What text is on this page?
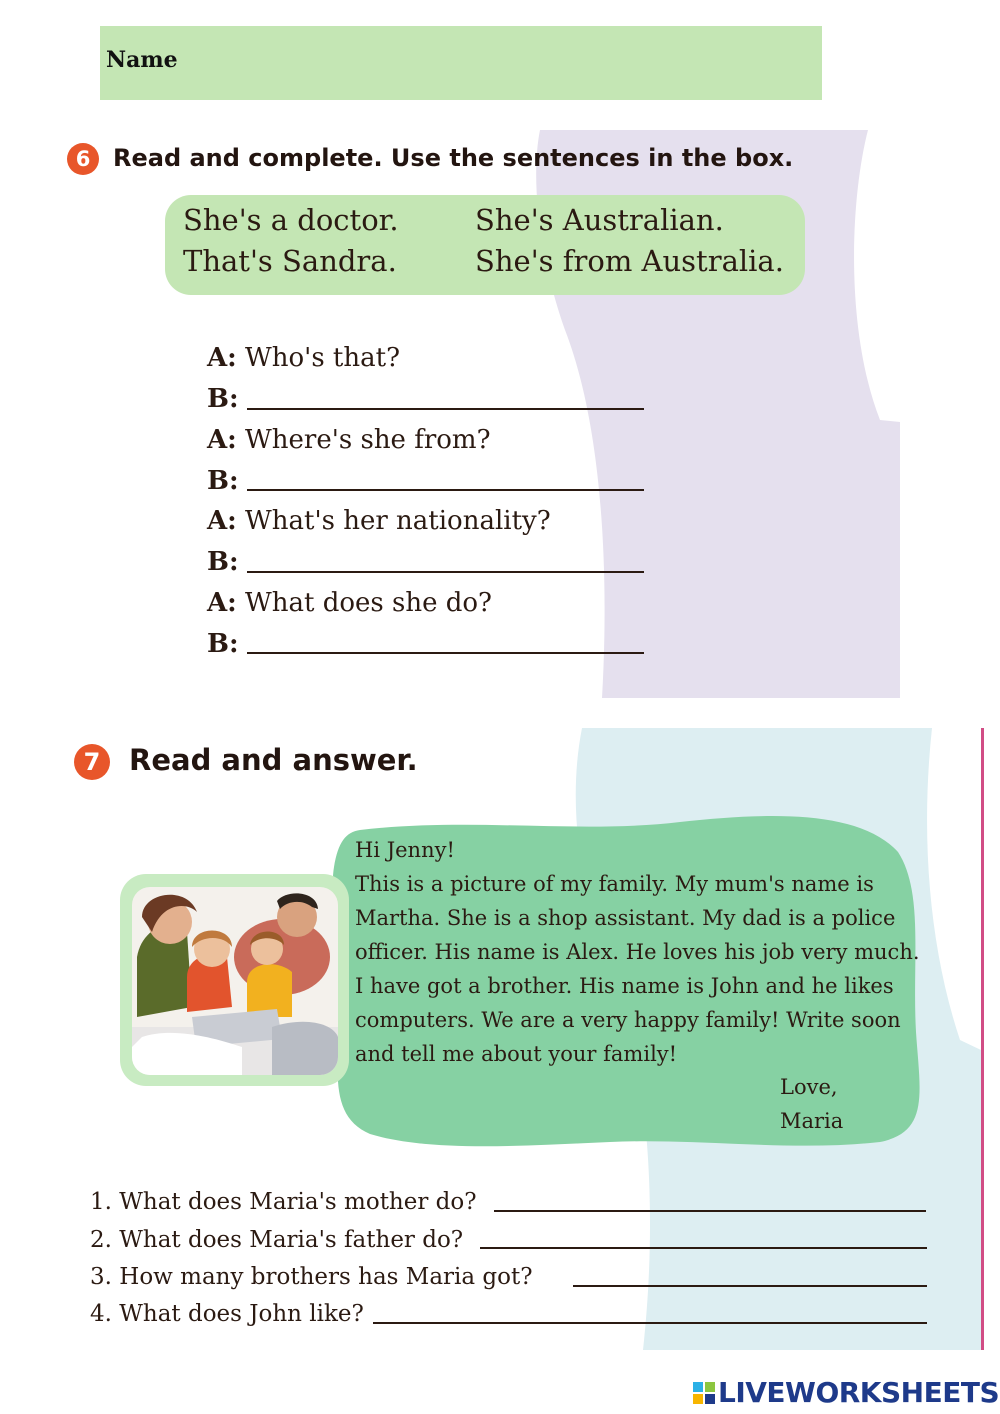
Name
6 Read and complete. Use the sentences in the box.
She's a doctor.	She's Australian.
That's Sandra.	She's from Australia.
A: Who's that?
B:
A: Where's she from?
B:
A: What's her nationality?
B:
A: What does she do?
B:
7 Read and answer.
Hi Jenny!
This is a picture of my family. My mum's name is
Martha. She is a shop assistant. My dad is a police
officer. His name is Alex. He loves his job very much.
I have got a brother. His name is John and he likes
computers. We are a very happy family! Write soon
and tell me about your family!
Love,
Maria
1. What does Maria's mother do?
2. What does Maria's father do?
3. How many brothers has Maria got?
4. What does John like?
LIVEWORKSHEETS
